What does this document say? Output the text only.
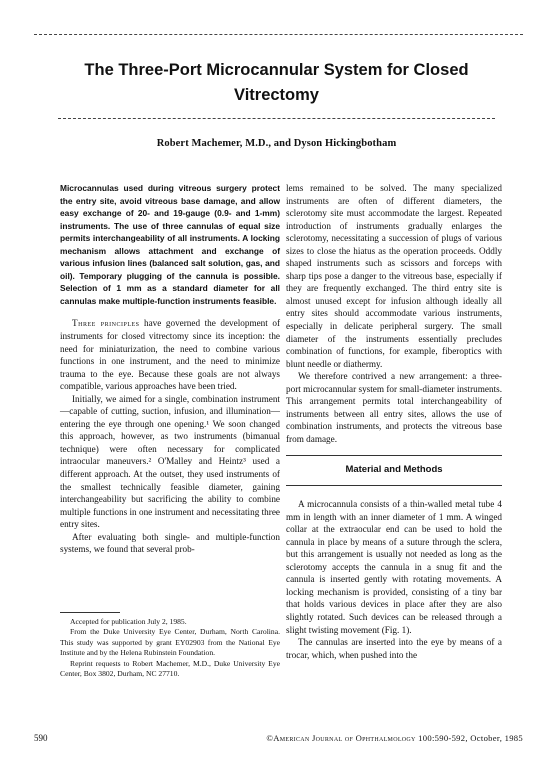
The Three-Port Microcannular System for Closed Vitrectomy
Robert Machemer, M.D., and Dyson Hickingbotham

Microcannulas used during vitreous surgery protect the entry site, avoid vitreous base damage, and allow easy exchange of 20- and 19-gauge (0.9- and 1-mm) instruments. The use of three cannulas of equal size permits interchangeability of all instruments. A locking mechanism allows attachment and exchange of various infusion lines (balanced salt solution, gas, and oil). Temporary plugging of the cannula is possible. Selection of 1 mm as a standard diameter for all cannulas make multiple-function instruments feasible.

Three principles have governed the development of instruments for closed vitrectomy since its inception: the need for miniaturization, the need to combine various functions in one instrument, and the need to minimize trauma to the eye. Because these goals are not always compatible, various approaches have been tried.

Initially, we aimed for a single, combination instrument—capable of cutting, suction, infusion, and illumination—entering the eye through one opening.¹ We soon changed this approach, however, as two instruments (bimanual technique) were often necessary for complicated intraocular maneuvers.² O'Malley and Heintz³ used a different approach. At the outset, they used instruments of the smallest technically feasible diameter, gaining interchangeability but sacrificing the ability to combine multiple functions in one instrument and necessitating three entry sites.

After evaluating both single- and multiple-function systems, we found that several prob-

lems remained to be solved. The many specialized instruments are often of different diameters, the sclerotomy site must accommodate the largest. Repeated introduction of instruments gradually enlarges the sclerotomy, necessitating a succession of plugs of various sizes to close the hiatus as the operation proceeds. Oddly shaped instruments such as scissors and forceps with sharp tips pose a danger to the vitreous base, especially if they are frequently exchanged. The third entry site is almost unused except for infusion although ideally all entry sites should accommodate various instruments, especially in delicate peripheral surgery. The small diameter of the instruments essentially precludes combination of functions, for example, fiberoptics with blunt needle or diathermy.

We therefore contrived a new arrangement: a three-port microcannular system for small-diameter instruments. This arrangement permits total interchangeability of instruments between all entry sites, allows the use of combination instruments, and protects the vitreous base from damage.

Material and Methods

A microcannula consists of a thin-walled metal tube 4 mm in length with an inner diameter of 1 mm. A winged collar at the extraocular end can be used to hold the cannula in place by means of a suture through the sclera, but this arrangement is usually not needed as long as the sclerotomy accepts the cannula in a snug fit and the cannula is inserted gently with rotating movements. A locking mechanism is provided, consisting of a tiny bar that holds various devices in place after they are also slightly rotated. Such devices can be released through a slight twisting movement (Fig. 1).

The cannulas are inserted into the eye by means of a trocar, which, when pushed into the

Accepted for publication July 2, 1985.

From the Duke University Eye Center, Durham, North Carolina. This study was supported by grant EY02903 from the National Eye Institute and by the Helena Rubinstein Foundation.

Reprint requests to Robert Machemer, M.D., Duke University Eye Center, Box 3802, Durham, NC 27710.

590	©American Journal of Ophthalmology 100:590-592, October, 1985
